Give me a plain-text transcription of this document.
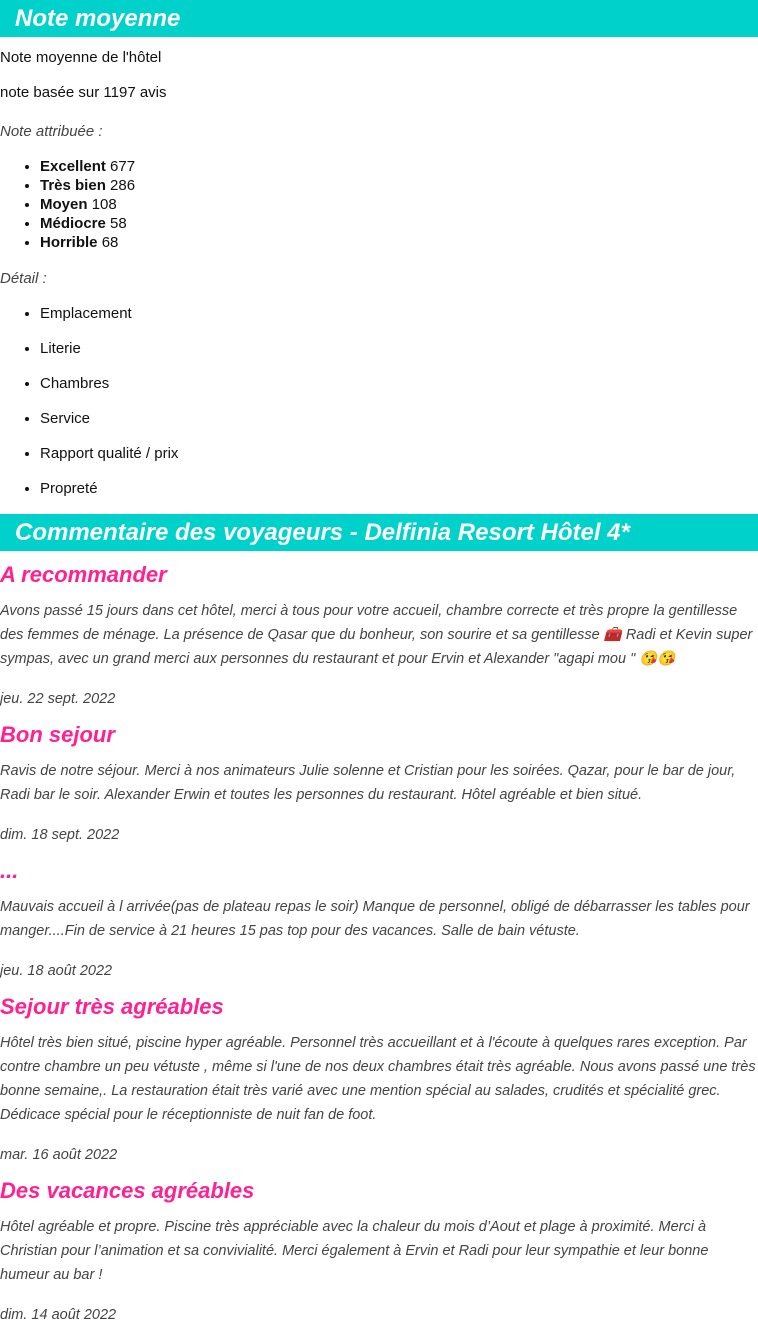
Note moyenne

Note moyenne de l'hôtel

note basée sur 1197 avis

Note attribuée :

• Excellent 677
• Très bien 286
• Moyen 108
• Médiocre 58
• Horrible 68

Détail :

• Emplacement
• Literie
• Chambres
• Service
• Rapport qualité / prix
• Propreté
Commentaire des voyageurs - Delfinia Resort Hôtel 4*
A recommander

Avons passé 15 jours dans cet hôtel, merci à tous pour votre accueil, chambre correcte et très propre la gentillesse des femmes de ménage. La présence de Qasar que du bonheur, son sourire et sa gentillesse 🧰 Radi et Kevin super sympas, avec un grand merci aux personnes du restaurant et pour Ervin et Alexander "agapi mou " 😘😘

jeu. 22 sept. 2022

Bon sejour

Ravis de notre séjour. Merci à nos animateurs Julie solenne et Cristian pour les soirées. Qazar, pour le bar de jour, Radi bar le soir. Alexander Erwin et toutes les personnes du restaurant. Hôtel agréable et bien situé.

dim. 18 sept. 2022

...

Mauvais accueil à l arrivée(pas de plateau repas le soir) Manque de personnel, obligé de débarrasser les tables pour manger....Fin de service à 21 heures 15 pas top pour des vacances. Salle de bain vétuste.

jeu. 18 août 2022

Sejour très agréables

Hôtel très bien situé, piscine hyper agréable. Personnel très accueillant et à l'écoute à quelques rares exception. Par contre chambre un peu vétuste , même si l'une de nos deux chambres était très agréable. Nous avons passé une très bonne semaine,. La restauration était très varié avec une mention spécial au salades, crudités et spécialité grec. Dédicace spécial pour le réceptionniste de nuit fan de foot.

mar. 16 août 2022

Des vacances agréables

Hôtel agréable et propre. Piscine très appréciable avec la chaleur du mois d’Aout et plage à proximité. Merci à Christian pour l’animation et sa convivialité. Merci également à Ervin et Radi pour leur sympathie et leur bonne humeur au bar !

dim. 14 août 2022
